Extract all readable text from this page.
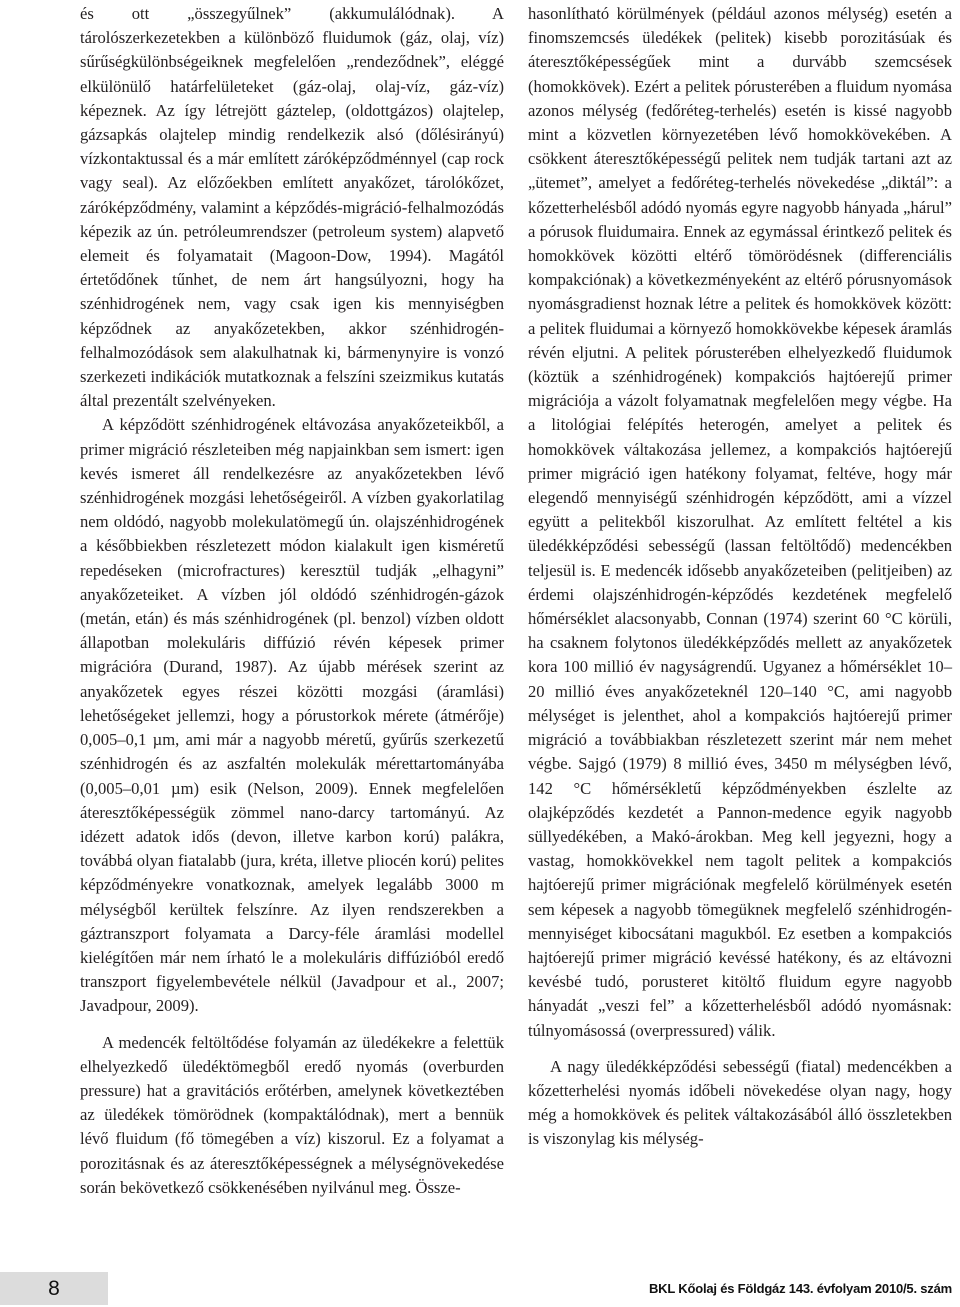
és ott „összegyűlnek” (akkumulálódnak). A tárolószerkezetekben a különböző fluidumok (gáz, olaj, víz) sűrűségkülönbségeiknek megfelelően „rendeződnek”, eléggé elkülönülő határfelületeket (gáz-olaj, olaj-víz, gáz-víz) képeznek. Az így létrejött gáztelep, (oldottgázos) olajtelep, gázsapkás olajtelep mindig rendelkezik alsó (dőlésirányú) vízkontaktussal és a már említett záróképződménnyel (cap rock vagy seal). Az előzőekben említett anyakőzet, tárolókőzet, záróképződmény, valamint a képződés-migráció-felhalmozódás képezik az ún. petróleumrendszer (petroleum system) alapvető elemeit és folyamatait (Magoon-Dow, 1994). Magától értetődőnek tűnhet, de nem árt hangsúlyozni, hogy ha szénhidrogének nem, vagy csak igen kis mennyiségben képződnek az anyakőzetekben, akkor szénhidrogén-felhalmozódások sem alakulhatnak ki, bármenynyire is vonzó szerkezeti indikációk mutatkoznak a felszíni szeizmikus kutatás által prezentált szelvényeken.

A képződött szénhidrogének eltávozása anyakőzeteikből, a primer migráció részleteiben még napjainkban sem ismert: igen kevés ismeret áll rendelkezésre az anyakőzetekben lévő szénhidrogének mozgási lehetőségeiről. A vízben gyakorlatilag nem oldódó, nagyobb molekulatömegű ún. olajszénhidrogének a későbbiekben részletezett módon kialakult igen kisméretű repedéseken (microfractures) keresztül tudják „elhagyni” anyakőzeteiket. A vízben jól oldódó szénhidrogén-gázok (metán, etán) és más szénhidrogének (pl. benzol) vízben oldott állapotban molekuláris diffúzió révén képesek primer migrációra (Durand, 1987). Az újabb mérések szerint az anyakőzetek egyes részei közötti mozgási (áramlási) lehetőségeket jellemzi, hogy a pórustorkok mérete (átmérője) 0,005–0,1 µm, ami már a nagyobb méretű, gyűrűs szerkezetű szénhidrogén és az aszfaltén molekulák mérettartományába (0,005–0,01 µm) esik (Nelson, 2009). Ennek megfelelően áteresztőképességük zömmel nano-darcy tartományú. Az idézett adatok idős (devon, illetve karbon korú) palákra, továbbá olyan fiatalabb (jura, kréta, illetve pliocén korú) pelites képződményekre vonatkoznak, amelyek legalább 3000 m mélységből kerültek felszínre. Az ilyen rendszerekben a gáztranszport folyamata a Darcy-féle áramlási modellel kielégítően már nem írható le a molekuláris diffúzióból eredő transzport figyelembevétele nélkül (Javadpour et al., 2007; Javadpour, 2009).

A medencék feltöltődése folyamán az üledékekre a felettük elhelyezkedő üledéktömegből eredő nyomás (overburden pressure) hat a gravitációs erőtérben, amelynek következtében az üledékek tömörödnek (kompaktálódnak), mert a bennük lévő fluidum (fő tömegében a víz) kiszorul. Ez a folyamat a porozitásnak és az áteresztőképességnek a mélységnövekedése során bekövetkező csökkenésében nyilvánul meg. Össze-

hasonlítható körülmények (például azonos mélység) esetén a finomszemcsés üledékek (pelitek) kisebb porozitásúak és áteresztőképességűek mint a durvább szemcsések (homokkövek). Ezért a pelitek pórusterében a fluidum nyomása azonos mélység (fedőréteg-terhelés) esetén is kissé nagyobb mint a közvetlen környezetében lévő homokkövekében. A csökkent áteresztőképességű pelitek nem tudják tartani azt az „ütemet”, amelyet a fedőréteg-terhelés növekedése „diktál”: a kőzetterhelésből adódó nyomás egyre nagyobb hányada „hárul” a pórusok fluidumaira. Ennek az egymással érintkező pelitek és homokkövek közötti eltérő tömörödésnek (differenciális kompakciónak) a következményeként az eltérő pórusnyomások nyomásgradienst hoznak létre a pelitek és homokkövek között: a pelitek fluidumai a környező homokkövekbe képesek áramlás révén eljutni. A pelitek pórusterében elhelyezkedő fluidumok (köztük a szénhidrogének) kompakciós hajtóerejű primer migrációja a vázolt folyamatnak megfelelően megy végbe. Ha a litológiai felépítés heterogén, amelyet a pelitek és homokkövek váltakozása jellemez, a kompakciós hajtóerejű primer migráció igen hatékony folyamat, feltéve, hogy már elegendő mennyiségű szénhidrogén képződött, ami a vízzel együtt a pelitekből kiszorulhat. Az említett feltétel a kis üledékképződési sebességű (lassan feltöltődő) medencékben teljesül is. E medencék idősebb anyakőzeteiben (pelitjeiben) az érdemi olajszénhidrogén-képződés kezdetének megfelelő hőmérséklet alacsonyabb, Connan (1974) szerint 60 °C körüli, ha csaknem folytonos üledékképződés mellett az anyakőzetek kora 100 millió év nagyságrendű. Ugyanez a hőmérséklet 10–20 millió éves anyakőzeteknél 120–140 °C, ami nagyobb mélységet is jelenthet, ahol a kompakciós hajtóerejű primer migráció a továbbiakban részletezett szerint már nem mehet végbe. Sajgó (1979) 8 millió éves, 3450 m mélységben lévő, 142 °C hőmérsékletű képződményekben észlelte az olajképződés kezdetét a Pannon-medence egyik nagyobb süllyedékében, a Makó-árokban. Meg kell jegyezni, hogy a vastag, homokkövekkel nem tagolt pelitek a kompakciós hajtóerejű primer migrációnak megfelelő körülmények esetén sem képesek a nagyobb tömegüknek megfelelő szénhidrogén-mennyiséget kibocsátani magukból. Ez esetben a kompakciós hajtóerejű primer migráció kevéssé hatékony, és az eltávozni kevésbé tudó, porusteret kitöltő fluidum egyre nagyobb hányadát „veszi fel” a kőzetterhelésből adódó nyomásnak: túlnyomásossá (overpressured) válik.

A nagy üledékképződési sebességű (fiatal) medencékben a kőzetterhelési nyomás időbeli növekedése olyan nagy, hogy még a homokkövek és pelitek váltakozásából álló összletekben is viszonylag kis mélység-

8	BKL Kőolaj és Földgáz 143. évfolyam 2010/5. szám
